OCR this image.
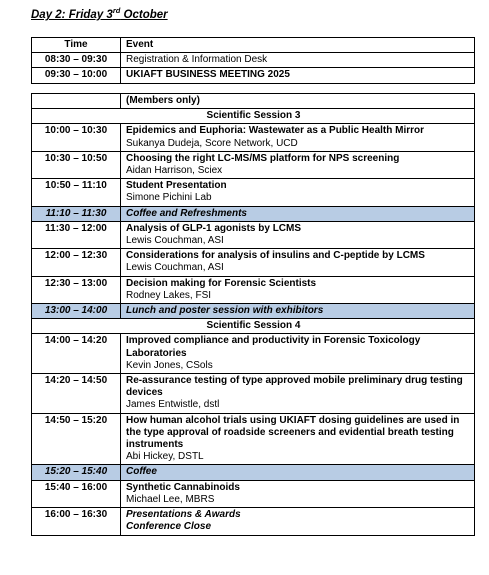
Day 2: Friday 3rd October
Time	Event
08:30 – 09:30	Registration & Information Desk
09:30 – 10:00	UKIAFT BUSINESS MEETING 2025
	(Members only)
Scientific Session 3	
10:00 – 10:30	Epidemics and Euphoria: Wastewater as a Public Health Mirror
Sukanya Dudeja, Score Network, UCD

10:30 – 10:50	Choosing the right LC-MS/MS platform for NPS screening
Aidan Harrison, Sciex

10:50 – 11:10	Student Presentation
Simone Pichini Lab

11:10 – 11:30	Coffee and Refreshments
11:30 – 12:00	Analysis of GLP-1 agonists by LCMS
Lewis Couchman, ASI

12:00 – 12:30	Considerations for analysis of insulins and C-peptide by LCMS
Lewis Couchman, ASI

12:30 – 13:00	Decision making for Forensic Scientists
Rodney Lakes, FSI

13:00 – 14:00	Lunch and poster session with exhibitors
Scientific Session 4	
14:00 – 14:20	Improved compliance and productivity in Forensic Toxicology Laboratories
Kevin Jones, CSols

14:20 – 14:50	Re-assurance testing of type approved mobile preliminary drug testing devices
James Entwistle, dstl

14:50 – 15:20	How human alcohol trials using UKIAFT dosing guidelines are used in the type approval of roadside screeners and evidential breath testing instruments
Abi Hickey, DSTL

15:20 – 15:40	Coffee
15:40 – 16:00	Synthetic Cannabinoids
Michael Lee, MBRS

16:00 – 16:30	Presentations & Awards
Conference Close
